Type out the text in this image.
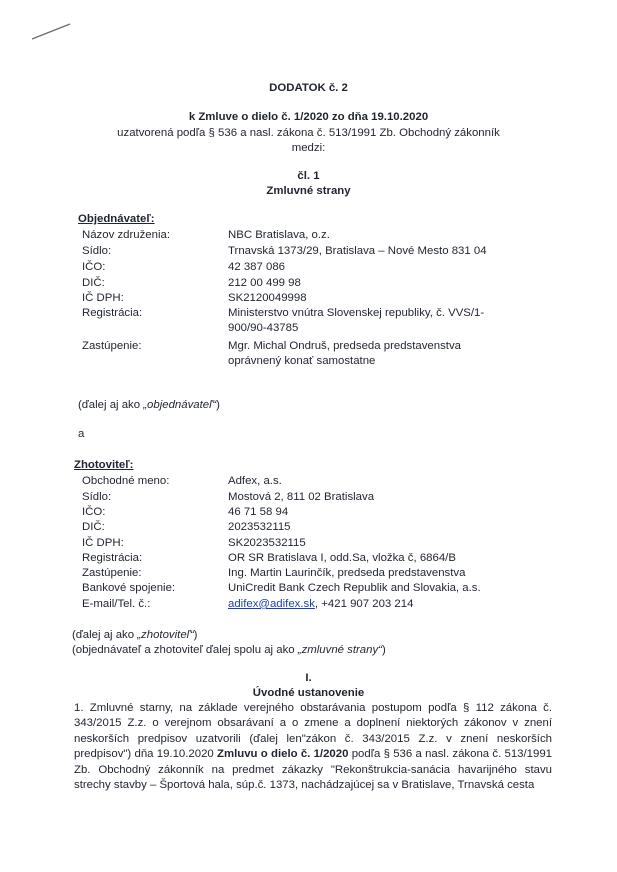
DODATOK č. 2
k Zmluve o dielo č. 1/2020 zo dňa 19.10.2020
uzatvorená podľa § 536 a nasl. zákona č. 513/1991 Zb. Obchodný zákonník
medzi:
čl. 1
Zmluvné strany
Objednávateľ:
Názov združenia:	NBC Bratislava, o.z.
Sídlo:	Trnavská 1373/29, Bratislava – Nové Mesto 831 04
IČO:	42 387 086
DIČ:	212 00 499 98
IČ DPH:	SK2120049998
Registrácia:	Ministerstvo vnútra Slovenskej republiky, č. VVS/1-
900/90-43785
Zastúpenie:	Mgr. Michal Ondruš, predseda predstavenstva
oprávnený konať samostatne
(ďalej aj ako „objednávateľ“)
a
Zhotoviteľ:
Obchodné meno:	Adfex, a.s.
Sídlo:	Mostová 2, 811 02 Bratislava
IČO:	46 71 58 94
DIČ:	2023532115
IČ DPH:	SK2023532115
Registrácia:	OR SR Bratislava I, odd.Sa, vložka č, 6864/B
Zastúpenie:	Ing. Martin Laurinčík, predseda predstavenstva
Bankové spojenie:	UniCredit Bank Czech Republik and Slovakia, a.s.
E-mail/Tel. č.:	adifex@adifex.sk, +421 907 203 214
(ďalej aj ako „zhotoviteľ“)
(objednávateľ a zhotoviteľ ďalej spolu aj ako „zmluvné strany“)
I.
Úvodné ustanovenie
1. Zmluvné starny, na základe verejného obstarávania postupom podľa § 112 zákona č. 343/2015 Z.z. o verejnom obsarávaní a o zmene a doplnení niektorých zákonov v znení neskorších predpisov uzatvorili (ďalej len"zákon č. 343/2015 Z.z. v znení neskorších predpisov") dňa 19.10.2020 Zmluvu o dielo č. 1/2020 podľa § 536 a nasl. zákona č. 513/1991 Zb. Obchodný zákonník na predmet zákazky "Rekonštrukcia-sanácia havarijného stavu strechy stavby – Športová hala, súp.č. 1373, nachádzajúcej sa v Bratislave, Trnavská cesta
